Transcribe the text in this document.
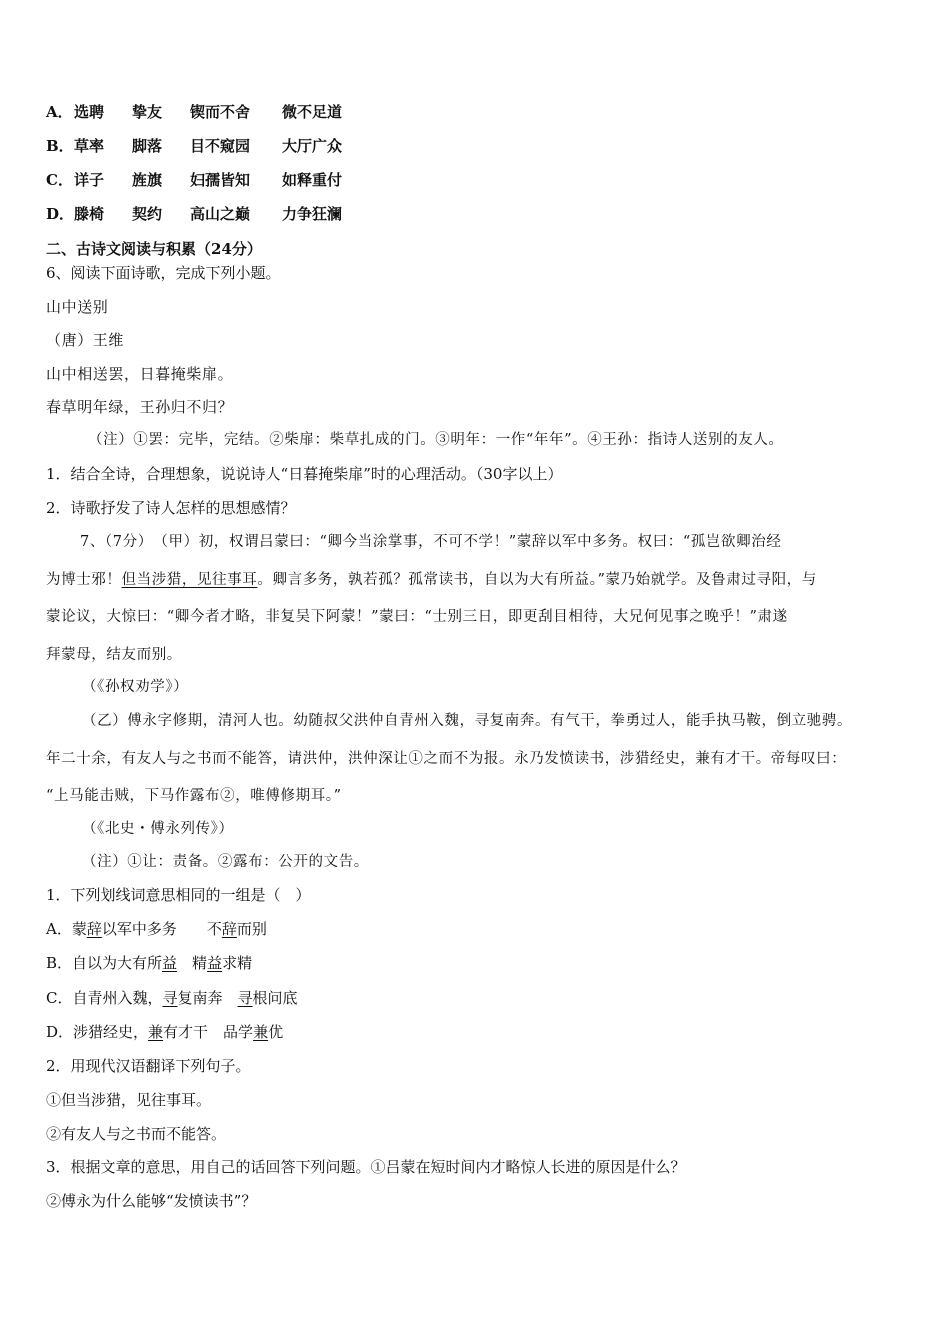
A．选聘 挚友 锲而不舍 微不足道
B．草率 脚落 目不窥园 大厅广众
C．详子 旌旗 妇孺皆知 如释重付
D．滕椅 契约 高山之巅 力争狂澜
二、古诗文阅读与积累（24分）
6、阅读下面诗歌，完成下列小题。
山中送别
（唐）王维
山中相送罢，日暮掩柴扉。
春草明年绿，王孙归不归？
（注）①罢：完毕，完结。②柴扉：柴草扎成的门。③明年：一作“年年”。④王孙：指诗人送别的友人。
1．结合全诗，合理想象，说说诗人“日暮掩柴扉”时的心理活动。（30字以上）
2．诗歌抒发了诗人怎样的思想感情？
7、（7分）　（甲）初，权谓吕蒙曰：“卿今当涂掌事，不可不学！”蒙辞以军中多务。权曰：“孤岂欲卿治经
为博士邪！但当涉猎，见往事耳。卿言多务，孰若孤？孤常读书，自以为大有所益。”蒙乃始就学。及鲁肃过寻阳，与
蒙论议，大惊曰：“卿今者才略，非复吴下阿蒙！”蒙曰：“士别三日，即更刮目相待，大兄何见事之晚乎！”肃遂
拜蒙母，结友而别。
（《孙权劝学》）
（乙）傅永字修期，清河人也。幼随叔父洪仲自青州入魏，寻复南奔。有气干，拳勇过人，能手执马鞍，倒立驰骋。
年二十余，有友人与之书而不能答，请洪仲，洪仲深让①之而不为报。永乃发愤读书，涉猎经史，兼有才干。帝每叹曰：
“上马能击贼，下马作露布②，唯傅修期耳。”
（《北史・傅永列传》）
（注）①让：责备。②露布：公开的文告。
1．下列划线词意思相同的一组是（　）
A．蒙辞以军中多务　　不辞而别
B．自以为大有所益　精益求精
C．自青州入魏，寻复南奔　寻根问底
D．涉猎经史，兼有才干　品学兼优
2．用现代汉语翻译下列句子。
①但当涉猎，见往事耳。
②有友人与之书而不能答。
3．根据文章的意思，用自己的话回答下列问题。①吕蒙在短时间内才略惊人长进的原因是什么？
②傅永为什么能够“发愤读书”？
